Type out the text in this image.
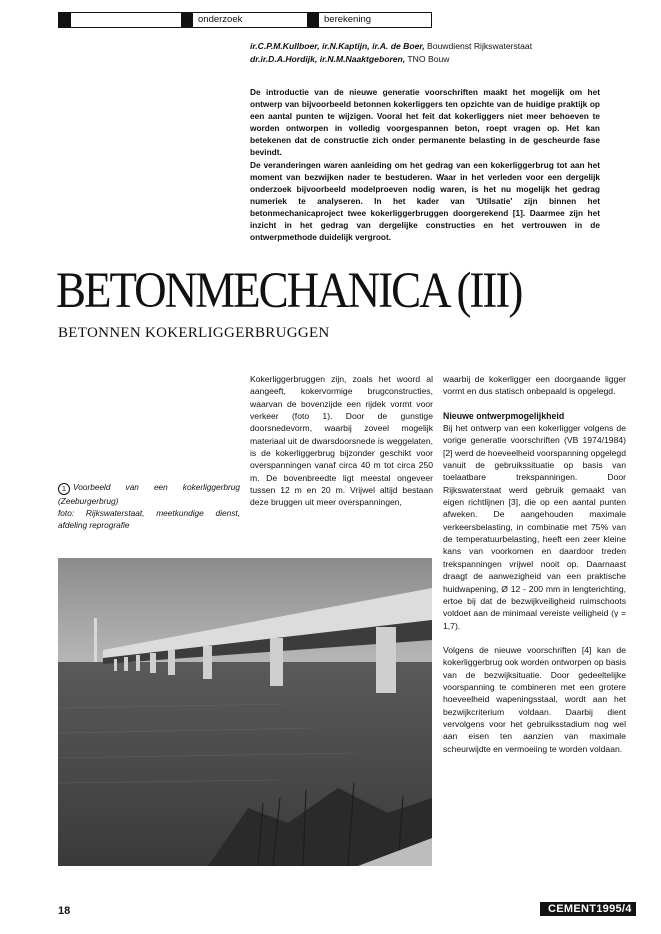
onderzoek	berekening
ir.C.P.M.Kullboer, ir.N.Kaptijn, ir.A. de Boer, Bouwdienst Rijkswaterstaat
dr.ir.D.A.Hordijk, ir.N.M.Naaktgeboren, TNO Bouw

De introductie van de nieuwe generatie voorschriften maakt het mogelijk om het ontwerp van bijvoorbeeld betonnen kokerliggers ten opzichte van de huidige praktijk op een aantal punten te wijzigen. Vooral het feit dat kokerliggers niet meer behoeven te worden ontworpen in volledig voorgespannen beton, roept vragen op. Het kan betekenen dat de constructie zich onder permanente belasting in de gescheurde fase bevindt.

De veranderingen waren aanleiding om het gedrag van een kokerliggerbrug tot aan het moment van bezwijken nader te bestuderen. Waar in het verleden voor een dergelijk onderzoek bijvoorbeeld modelproeven nodig waren, is het nu mogelijk het gedrag numeriek te analyseren. In het kader van 'Utilsatie' zijn binnen het betonmechanicaproject twee kokerliggerbruggen doorgerekend [1]. Daarmee zijn het inzicht in het gedrag van dergelijke constructies en het vertrouwen in de ontwerpmethode duidelijk vergroot.

BETONMECHANICA (III)
BETONNEN KOKERLIGGERBRUGGEN

1 Voorbeeld van een kokerliggerbrug (Zeeburgerbrug)

foto: Rijkswaterstaat, meetkundige dienst, afdeling reprografie

Kokerliggerbruggen zijn, zoals het woord al aangeeft, kokervormige brugconstructies, waarvan de bovenzijde een rijdek vormt voor verkeer (foto 1). Door de gunstige doorsnedevorm, waarbij zoveel mogelijk materiaal uit de dwarsdoorsnede is weggelaten, is de kokerliggerbrug bijzonder geschikt voor overspanningen vanaf circa 40 m tot circa 250 m. De bovenbreedte ligt meestal ongeveer tussen 12 m en 20 m. Vrijwel altijd bestaan deze bruggen uit meer overspanningen,

waarbij de kokerligger een doorgaande ligger vormt en dus statisch onbepaald is opgelegd.

Nieuwe ontwerpmogelijkheid

Bij het ontwerp van een kokerligger volgens de vorige generatie voorschriften (VB 1974/1984) [2] werd de hoeveelheid voorspanning opgelegd vanuit de gebruikssituatie op basis van toelaatbare trekspanningen. Door Rijkswaterstaat werd gebruik gemaakt van eigen richtlijnen [3], die op een aantal punten afweken. De aangehouden maximale verkeersbelasting, in combinatie met 75% van de temperatuurbelasting, heeft een zeer kleine kans van voorkomen en daardoor treden trekspanningen vrijwel nooit op. Daarnaast draagt de aanwezigheid van een praktische huidwapening, Ø 12 - 200 mm in lengterichting, ertoe bij dat de bezwijkveiligheid ruimschoots voldoet aan de minimaal vereiste veiligheid (γ = 1,7).

Volgens de nieuwe voorschriften [4] kan de kokerliggerbrug ook worden ontworpen op basis van de bezwijksituatie. Door gedeeltelijke voorspanning te combineren met een grotere hoeveelheid wapeningsstaal, wordt aan het bezwijkcriterium voldaan. Daarbij dient vervolgens voor het gebruiksstadium nog wel aan eisen ten aanzien van maximale scheurwijdte en vermoeiing te worden voldaan.

18	CEMENT1995/4
